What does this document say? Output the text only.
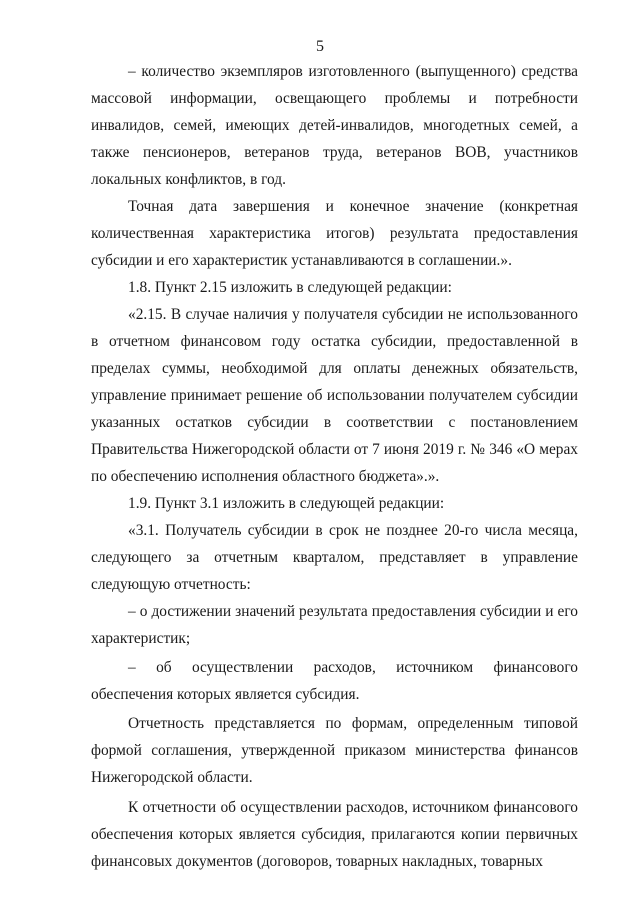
5

– количество экземпляров изготовленного (выпущенного) средства массовой информации, освещающего проблемы и потребности инвалидов, семей, имеющих детей-инвалидов, многодетных семей, а также пенсионеров, ветеранов труда, ветеранов ВОВ, участников локальных конфликтов, в год.

Точная дата завершения и конечное значение (конкретная количественная характеристика итогов) результата предоставления субсидии и его характеристик устанавливаются в соглашении.».

1.8. Пункт 2.15 изложить в следующей редакции:

«2.15. В случае наличия у получателя субсидии не использованного в отчетном финансовом году остатка субсидии, предоставленной в пределах суммы, необходимой для оплаты денежных обязательств, управление принимает решение об использовании получателем субсидии указанных остатков субсидии в соответствии с постановлением Правительства Нижегородской области от 7 июня 2019 г. № 346 «О мерах по обеспечению исполнения областного бюджета».».

1.9. Пункт 3.1 изложить в следующей редакции:

«3.1. Получатель субсидии в срок не позднее 20-го числа месяца, следующего за отчетным кварталом, представляет в управление следующую отчетность:

– о достижении значений результата предоставления субсидии и его характеристик;

– об осуществлении расходов, источником финансового обеспечения которых является субсидия.

Отчетность представляется по формам, определенным типовой формой соглашения, утвержденной приказом министерства финансов Нижегородской области.

К отчетности об осуществлении расходов, источником финансового обеспечения которых является субсидия, прилагаются копии первичных финансовых документов (договоров, товарных накладных, товарных
